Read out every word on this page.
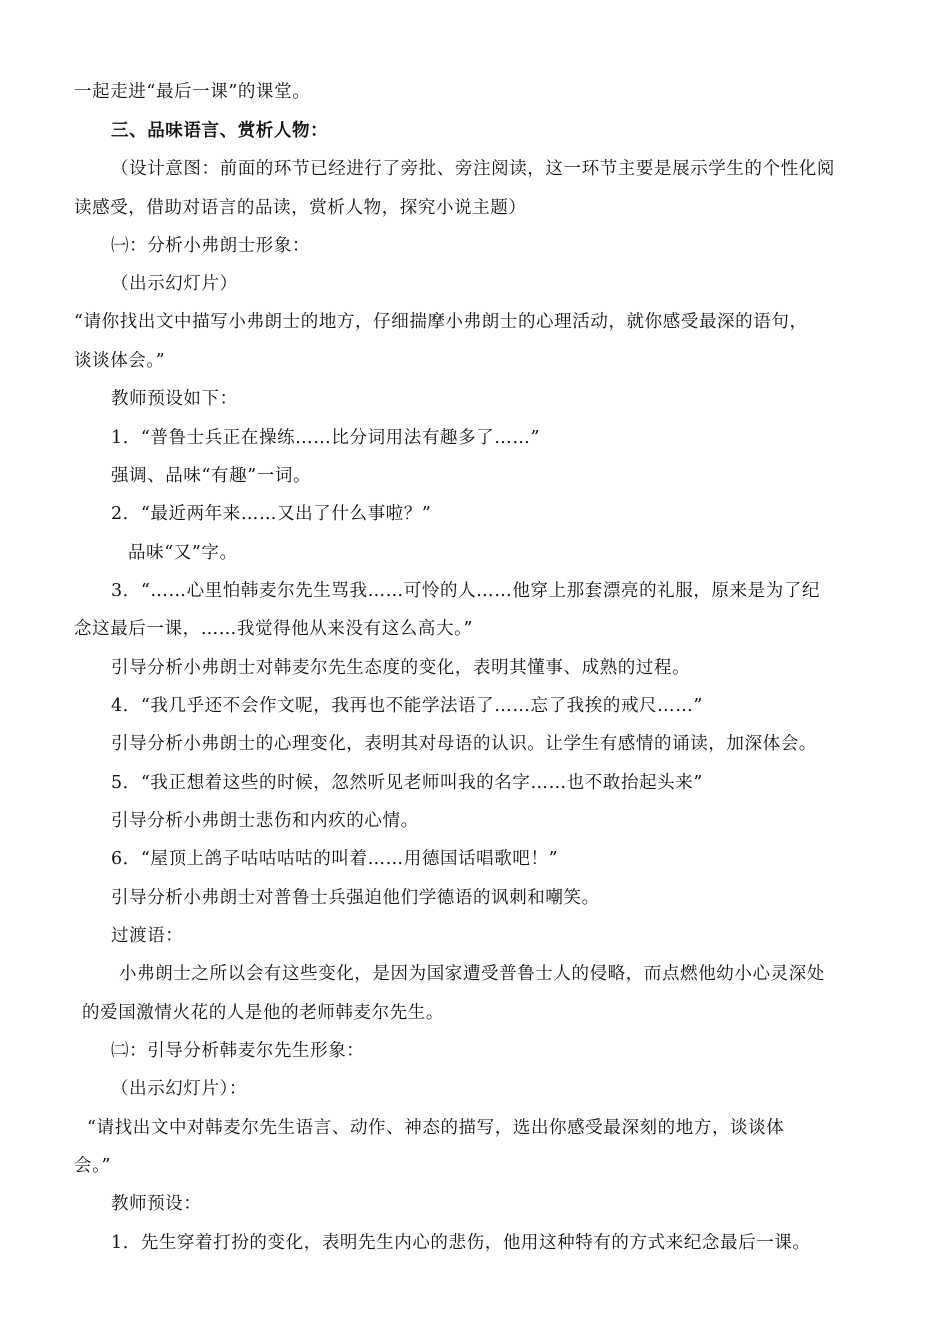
一起走进“最后一课”的课堂。
三、品味语言、赏析人物：
（设计意图：前面的环节已经进行了旁批、旁注阅读，这一环节主要是展示学生的个性化阅
读感受，借助对语言的品读，赏析人物，探究小说主题）
㈠：分析小弗朗士形象：
（出示幻灯片）
“请你找出文中描写小弗朗士的地方，仔细揣摩小弗朗士的心理活动，就你感受最深的语句，
谈谈体会。”
教师预设如下：
1．“普鲁士兵正在操练……比分词用法有趣多了……”
强调、品味“有趣”一词。
2．“最近两年来……又出了什么事啦？”
品味“又”字。
3．“……心里怕韩麦尔先生骂我……可怜的人……他穿上那套漂亮的礼服，原来是为了纪
念这最后一课，……我觉得他从来没有这么高大。”
引导分析小弗朗士对韩麦尔先生态度的变化，表明其懂事、成熟的过程。
4．“我几乎还不会作文呢，我再也不能学法语了……忘了我挨的戒尺……”
引导分析小弗朗士的心理变化，表明其对母语的认识。让学生有感情的诵读，加深体会。
5．“我正想着这些的时候，忽然听见老师叫我的名字……也不敢抬起头来”
引导分析小弗朗士悲伤和内疚的心情。
6．“屋顶上鸽子咕咕咕咕的叫着……用德国话唱歌吧！”
引导分析小弗朗士对普鲁士兵强迫他们学德语的讽刺和嘲笑。
过渡语：
小弗朗士之所以会有这些变化，是因为国家遭受普鲁士人的侵略，而点燃他幼小心灵深处
的爱国激情火花的人是他的老师韩麦尔先生。
㈡：引导分析韩麦尔先生形象：
（出示幻灯片）：
“请找出文中对韩麦尔先生语言、动作、神态的描写，选出你感受最深刻的地方，谈谈体
会。”
教师预设：
1．先生穿着打扮的变化，表明先生内心的悲伤，他用这种特有的方式来纪念最后一课。
